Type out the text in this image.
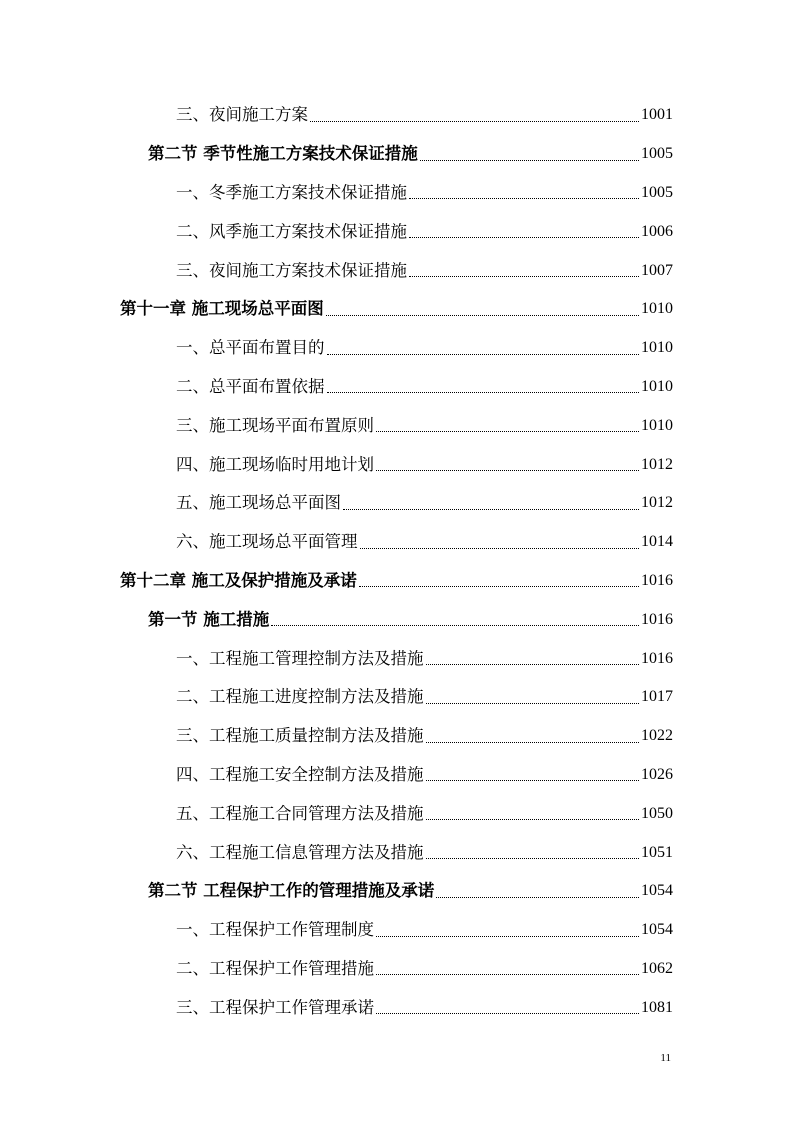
三、夜间施工方案	1001
第二节 季节性施工方案技术保证措施	1005
一、冬季施工方案技术保证措施	1005
二、风季施工方案技术保证措施	1006
三、夜间施工方案技术保证措施	1007
第十一章 施工现场总平面图	1010
一、总平面布置目的	1010
二、总平面布置依据	1010
三、施工现场平面布置原则	1010
四、施工现场临时用地计划	1012
五、施工现场总平面图	1012
六、施工现场总平面管理	1014
第十二章 施工及保护措施及承诺	1016
第一节 施工措施	1016
一、工程施工管理控制方法及措施	1016
二、工程施工进度控制方法及措施	1017
三、工程施工质量控制方法及措施	1022
四、工程施工安全控制方法及措施	1026
五、工程施工合同管理方法及措施	1050
六、工程施工信息管理方法及措施	1051
第二节 工程保护工作的管理措施及承诺	1054
一、工程保护工作管理制度	1054
二、工程保护工作管理措施	1062
三、工程保护工作管理承诺	1081
11
